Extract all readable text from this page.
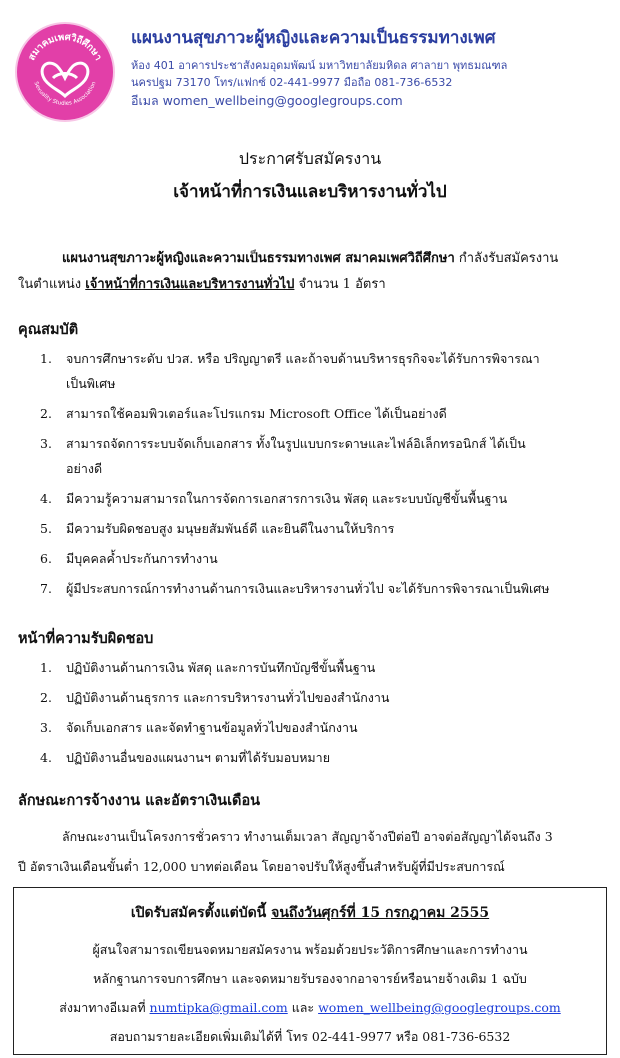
สมาคมเพศวิถีศึกษา
Sexuality Studies Association
แผนงานสุขภาวะผู้หญิงและความเป็นธรรมทางเพศ
ห้อง 401 อาคารประชาสังคมอุดมพัฒน์ มหาวิทยาลัยมหิดล ศาลายา พุทธมณฑล
นครปฐม 73170 โทร/แฟกซ์ 02-441-9977 มือถือ 081-736-6532
อีเมล women_wellbeing@googlegroups.com
ประกาศรับสมัครงาน
เจ้าหน้าที่การเงินและบริหารงานทั่วไป
แผนงานสุขภาวะผู้หญิงและความเป็นธรรมทางเพศ สมาคมเพศวิถีศึกษา กำลังรับสมัครงาน
ในตำแหน่ง เจ้าหน้าที่การเงินและบริหารงานทั่วไป จำนวน 1 อัตรา
คุณสมบัติ
1.	จบการศึกษาระดับ ปวส. หรือ ปริญญาตรี และถ้าจบด้านบริหารธุรกิจจะได้รับการพิจารณา
เป็นพิเศษ
2.	สามารถใช้คอมพิวเตอร์และโปรแกรม Microsoft Office ได้เป็นอย่างดี
3.	สามารถจัดการระบบจัดเก็บเอกสาร ทั้งในรูปแบบกระดาษและไฟล์อิเล็กทรอนิกส์ ได้เป็น
อย่างดี
4.	มีความรู้ความสามารถในการจัดการเอกสารการเงิน พัสดุ และระบบบัญชีขั้นพื้นฐาน
5.	มีความรับผิดชอบสูง มนุษยสัมพันธ์ดี และยินดีในงานให้บริการ
6.	มีบุคคลค้ำประกันการทำงาน
7.	ผู้มีประสบการณ์การทำงานด้านการเงินและบริหารงานทั่วไป จะได้รับการพิจารณาเป็นพิเศษ
หน้าที่ความรับผิดชอบ
1.	ปฏิบัติงานด้านการเงิน พัสดุ และการบันทึกบัญชีขั้นพื้นฐาน
2.	ปฏิบัติงานด้านธุรการ และการบริหารงานทั่วไปของสำนักงาน
3.	จัดเก็บเอกสาร และจัดทำฐานข้อมูลทั่วไปของสำนักงาน
4.	ปฏิบัติงานอื่นของแผนงานฯ ตามที่ได้รับมอบหมาย
ลักษณะการจ้างงาน และอัตราเงินเดือน
ลักษณะงานเป็นโครงการชั่วคราว ทำงานเต็มเวลา สัญญาจ้างปีต่อปี อาจต่อสัญญาได้จนถึง 3
ปี อัตราเงินเดือนขั้นต่ำ 12,000 บาทต่อเดือน โดยอาจปรับให้สูงขึ้นสำหรับผู้ที่มีประสบการณ์
เปิดรับสมัครตั้งแต่บัดนี้ จนถึงวันศุกร์ที่ 15 กรกฎาคม 2555
ผู้สนใจสามารถเขียนจดหมายสมัครงาน พร้อมด้วยประวัติการศึกษาและการทำงาน
หลักฐานการจบการศึกษา และจดหมายรับรองจากอาจารย์หรือนายจ้างเดิม 1 ฉบับ
ส่งมาทางอีเมลที่ numtipka@gmail.com และ women_wellbeing@googlegroups.com
สอบถามรายละเอียดเพิ่มเติมได้ที่ โทร 02-441-9977 หรือ 081-736-6532
